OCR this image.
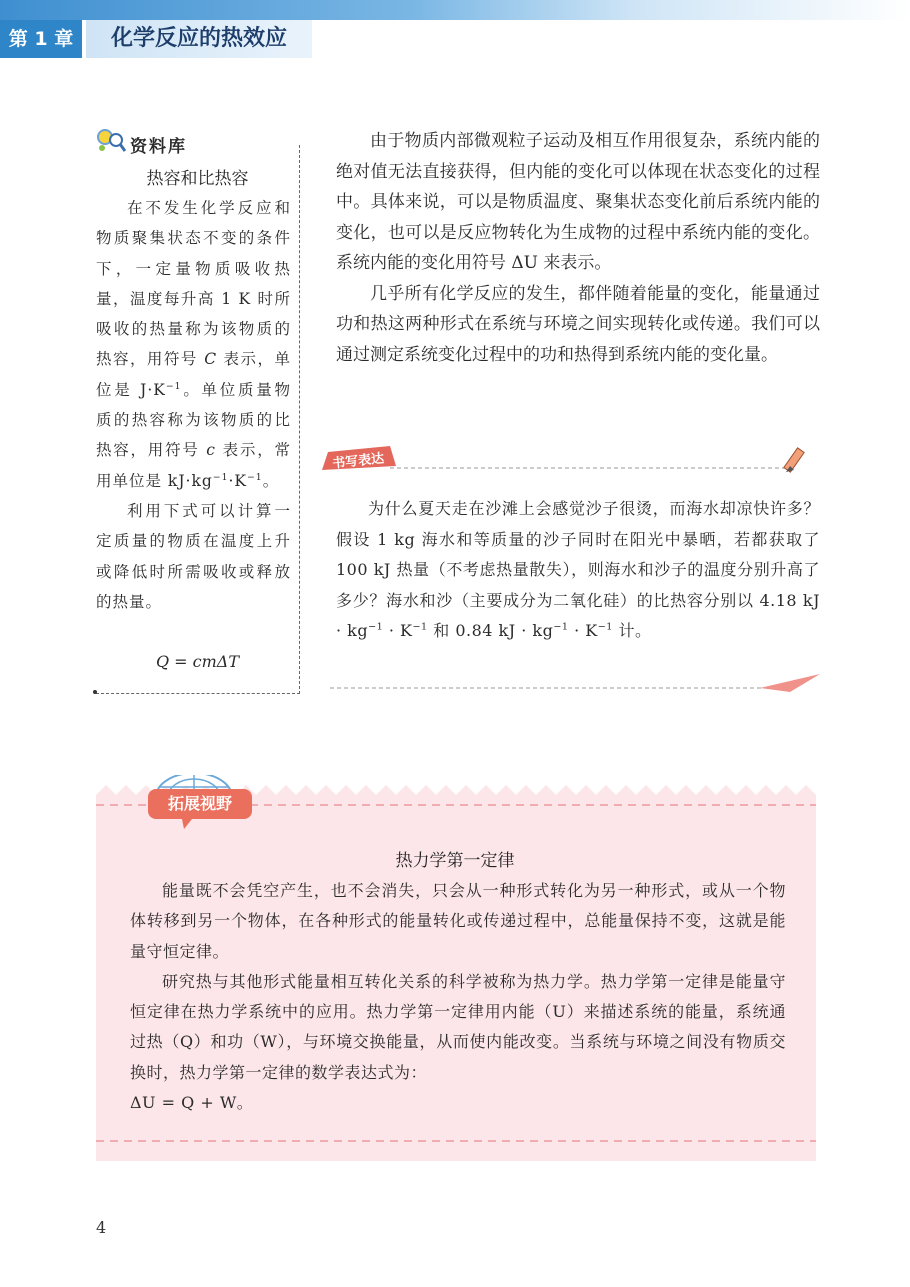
第 1 章	化学反应的热效应
资料库
热容和比热容

在不发生化学反应和物质聚集状态不变的条件下，一定量物质吸收热量，温度每升高 1 K 时所吸收的热量称为该物质的热容，用符号 C 表示，单位是 $J\cdot K^{-1}$。单位质量物质的热容称为该物质的比热容，用符号 c 表示，常用单位是 $kJ\cdot kg^{-1}\cdot K^{-1}$。

利用下式可以计算一定质量的物质在温度上升或降低时所需吸收或释放的热量。

Q = cmΔT

由于物质内部微观粒子运动及相互作用很复杂，系统内能的绝对值无法直接获得，但内能的变化可以体现在状态变化的过程中。具体来说，可以是物质温度、聚集状态变化前后系统内能的变化，也可以是反应物转化为生成物的过程中系统内能的变化。系统内能的变化用符号 ΔU 来表示。

几乎所有化学反应的发生，都伴随着能量的变化，能量通过功和热这两种形式在系统与环境之间实现转化或传递。我们可以通过测定系统变化过程中的功和热得到系统内能的变化量。

书写表达

为什么夏天走在沙滩上会感觉沙子很烫，而海水却凉快许多？假设 1 kg 海水和等质量的沙子同时在阳光中暴晒，若都获取了 100 kJ 热量（不考虑热量散失），则海水和沙子的温度分别升高了多少？海水和沙（主要成分为二氧化硅）的比热容分别以 4.18 kJ · $kg^{-1} \cdot K^{-1}$ 和 0.84 kJ · $kg^{-1} \cdot K^{-1}$ 计。

拓展视野
热力学第一定律

能量既不会凭空产生，也不会消失，只会从一种形式转化为另一种形式，或从一个物体转移到另一个物体，在各种形式的能量转化或传递过程中，总能量保持不变，这就是能量守恒定律。

研究热与其他形式能量相互转化关系的科学被称为热力学。热力学第一定律是能量守恒定律在热力学系统中的应用。热力学第一定律用内能（U）来描述系统的能量，系统通过热（Q）和功（W），与环境交换能量，从而使内能改变。当系统与环境之间没有物质交换时，热力学第一定律的数学表达式为：

ΔU = Q + W。

4
